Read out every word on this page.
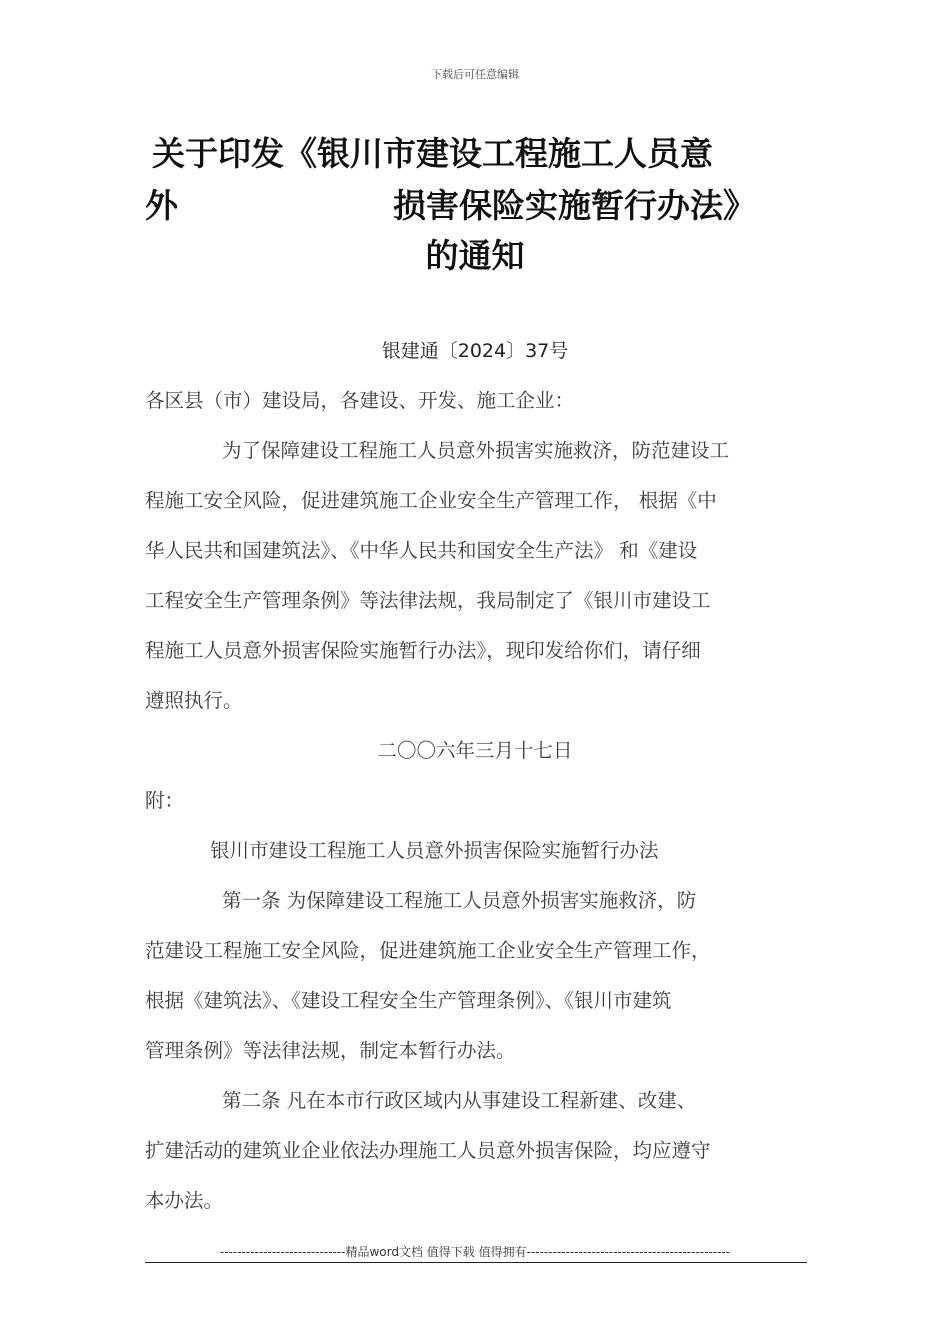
下载后可任意编辑
关于印发《银川市建设工程施工人员意
外	损害保险实施暂行办法》
的通知
银建通〔2024〕37号
各区县（市）建设局，各建设、开发、施工企业：
为了保障建设工程施工人员意外损害实施救济，防范建设工
程施工安全风险，促进建筑施工企业安全生产管理工作， 根据《中
华人民共和国建筑法》、《中华人民共和国安全生产法》 和《建设
工程安全生产管理条例》等法律法规，我局制定了《银川市建设工
程施工人员意外损害保险实施暂行办法》，现印发给你们，请仔细
遵照执行。
二〇〇六年三月十七日
附：
银川市建设工程施工人员意外损害保险实施暂行办法
第一条 为保障建设工程施工人员意外损害实施救济，防
范建设工程施工安全风险，促进建筑施工企业安全生产管理工作，
根据《建筑法》、《建设工程安全生产管理条例》、《银川市建筑
管理条例》等法律法规，制定本暂行办法。
第二条 凡在本市行政区域内从事建设工程新建、改建、
扩建活动的建筑业企业依法办理施工人员意外损害保险，均应遵守
本办法。
-----------------------------精品word文档 值得下载 值得拥有-----------------------------------------------
